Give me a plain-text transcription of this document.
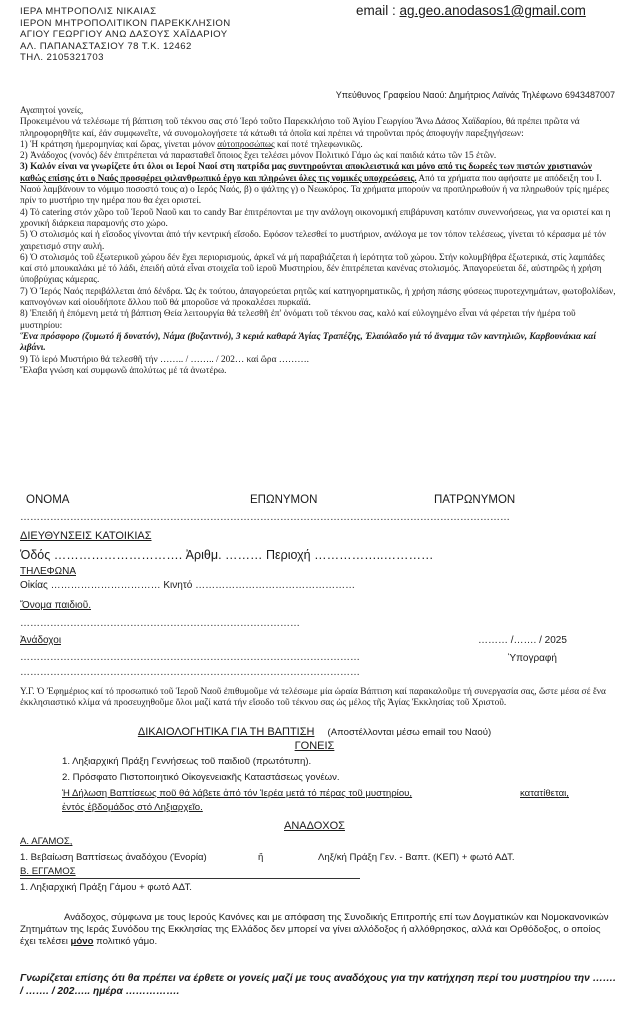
ΙΕΡΑ ΜΗΤΡΟΠΟΛΙΣ ΝΙΚΑΙΑΣ
ΙΕΡΟΝ ΜΗΤΡΟΠΟΛΙΤΙΚΟΝ ΠΑΡΕΚΚΛΗΣΙΟΝ
ΑΓΙΟΥ ΓΕΩΡΓΙΟΥ ΑΝΩ ΔΑΣΟΥΣ ΧΑΪΔΑΡΙΟΥ
ΑΛ. ΠΑΠΑΝΑΣΤΑΣΙΟΥ 78 Τ.Κ. 12462
ΤΗΛ. 2105321703
email : ag.geo.anodasos1@gmail.com
Υπεύθυνος Γραφείου Ναού: Δημήτριος Λαϊνάς Τηλέφωνο 6943487007

Αγαπητοί γονείς,

Προκειμένου νά τελέσωμε τή βάπτιση τοῦ τέκνου σας στό Ἱερό τοῦτο Παρεκκλήσιο τοῦ Ἁγίου Γεωργίου Ἄνω Δάσος Χαϊδαρίου, θά πρέπει πρῶτα νά πληροφορηθῆτε καί, ἐάν συμφωνεῖτε, νά συνομολογήσετε τά κάτωθι τά ὁποῖα καί πρέπει νά τηροῦνται πρός ἀποφυγήν παρεξηγήσεων:

1) Ἡ κράτηση ἡμερομηνίας καί ὥρας, γίνεται μόνον αὐτοπροσώπως καί ποτέ τηλεφωνικῶς.

2) Ἀνάδοχος (νονός) δέν ἐπιτρέπεται νά παρασταθεῖ ὅποιος ἔχει τελέσει μόνον Πολιτικό Γάμο ὡς καί παιδιά κάτω τῶν 15 ἐτῶν.

3) Καλόν είναι να γνωρίζετε ότι όλοι οι Ιεροί Ναοί στη πατρίδα μας συντηρούνται αποκλειστικά και μόνο από τις δωρεές των πιστών χριστιανών καθώς επίσης ότι ο Ναός προσφέρει φιλανθρωπικό έργο και πληρώνει όλες τις νομικές υποχρεώσεις. Από τα χρήματα που αφήσατε με απόδειξη του Ι. Ναού λαμβάνουν το νόμιμο ποσοστό τους α) ο Ιερός Ναός, β) ο ψάλτης γ) ο Νεωκόρος. Τα χρήματα μπορούν να προπληρωθούν ή να πληρωθούν τρίς ημέρες πρίν το μυστήριο την ημέρα που θα έχει οριστεί.

4) Τό catering στόν χῶρο τοῦ Ἱεροῦ Ναοῦ και το candy Bar ἐπιτρέπονται με την ανάλογη οικονομική επιβάρυνση κατόπιν συνεννοήσεως, για να οριστεί και η χρονική διάρκεια παραμονής στο χώρο.

5) Ὁ στολισμός καί ἡ εἴσοδος γίνονται ἀπό τήν κεντρική εἴσοδο. Εφόσον τελεσθεί το μυστήριον, ανάλογα με τον τόπον τελέσεως, γίνεται τό κέρασμα μέ τόν χαιρετισμό στην αυλή.

6) Ὁ στολισμός τοῦ ἐξωτερικοῦ χώρου δέν ἔχει περιορισμούς, ἀρκεῖ νά μή παραβιάζεται ἡ ἱερότητα τοῦ χώρου. Στήν κολυμβήθρα ἐξωτερικά, στίς λαμπάδες καί στό μπουκαλάκι μέ τό λάδι, ἐπειδή αὐτά εἶναι στοιχεῖα τοῦ ἱεροῦ Μυστηρίου, δέν ἐπιτρέπεται κανένας στολισμός. Ἀπαγορεύεται δέ, αὐστηρῶς ἡ χρήση ὑποβρύχιας κάμερας.

7) Ὁ Ἱερός Ναός περιβάλλεται ἀπό δένδρα. Ὡς ἐκ τούτου, ἀπαγορεύεται ρητῶς καί κατηγορηματικῶς, ἡ χρήση πάσης φύσεως πυροτεχνημάτων, φωτοβολίδων, καπνογόνων καί οἱουδήποτε ἄλλου ποῦ θά μποροῦσε νά προκαλέσει πυρκαϊά.

8) Ἐπειδή ἡ ἑπόμενη μετά τή βάπτιση Θεία λειτουργία θά τελεσθῆ ἐπ' ὀνόματι τοῦ τέκνου σας, καλό καί εὐλογημένο εἶναι νά φέρεται τήν ἡμέρα τοῦ μυστηρίου:

Ἕνα πρόσφορο (ζυμωτό ἤ δυνατόν), Νάμα (βυζαντινό), 3 κεριά καθαρά Ἁγίας Τραπέζης, Ἐλαιόλαδο γιά τό ἄναμμα τῶν καντηλιῶν, Καρβουνάκια καί λιβάνι.

9) Τό ἱερό Μυστήριο θά τελεσθῆ τήν …….. / …….. / 202… καί ὥρα ……….

Ἔλαβα γνώση καί συμφωνῶ ἀπολύτως μέ τά ἀνωτέρω.

ΟΝΟΜΑ	ΕΠΩΝΥΜΟΝ	ΠΑΤΡΩΝΥΜΟΝ
…………………………………………………………………………………………………………………………………
ΔΙΕΥΘΥΝΣΕΙΣ ΚΑΤΟΙΚΙΑΣ
Ὁδός …………………………. Ἀριθμ. ……… Περιοχή ……………..…………
ΤΗΛΕΦΩΝΑ
Οἰκίας …………………………… Κινητό …………………………………………
Ὄνομα παιδιοῦ.
…………………………………………………………………………
Ἀνάδοχοι
…………………………………………………………………………………………
…………………………………………………………………………………………
……… /……. / 2025
Ὑπογραφή
Υ.Γ. Ὁ Ἐφημέριος καί τό προσωπικό τοῦ Ἱεροῦ Ναοῦ ἐπιθυμοῦμε νά τελέσωμε μία ὡραία Βάπτιση καί παρακαλοῦμε τή συνεργασία σας, ὥστε μέσα σέ ἕνα ἐκκλησιαστικό κλίμα νά προσευχηθοῦμε ὅλοι μαζί κατά τήν εἴσοδο τοῦ τέκνου σας ὡς μέλος τῆς Ἁγίας Ἐκκλησίας τοῦ Χριστοῦ.
ΔΙΚΑΙΟΛΟΓΗΤΙΚΑ ΓΙΑ ΤΗ ΒΑΠΤΙΣΗ (Αποστέλλονται μέσω email του Ναού)
ΓΟΝΕΙΣ
1. Ληξιαρχική Πράξη Γεννήσεως τοῦ παιδιοῦ (πρωτότυπη).
2. Πρόσφατο Πιστοποιητικό Οἰκογενειακῆς Καταστάσεως γονέων.
Ἡ Δήλωση Βαπτίσεως ποῦ θά λάβετε ἀπό τόν Ἱερέα μετά τό πέρας τοῦ μυστηρίου,	κατατίθεται,
ἐντός ἑβδομάδος στό Ληξιαρχεῖο.
ΑΝΑΔΟΧΟΣ
Α. ΑΓΑΜΟΣ,
1. Βεβαίωση Βαπτίσεως ἀναδόχου (Ἐνορία)	ἤ	Ληξ/κή Πράξη Γεν. - Βαπτ. (ΚΕΠ) + φωτό ΑΔΤ.
Β. ΕΓΓΑΜΟΣ
1. Ληξιαρχική Πράξη Γάμου + φωτό ΑΔΤ.
Ανάδοχος, σύμφωνα με τους Ιερούς Κανόνες και με απόφαση της Συνοδικής Επιτροπής επί των Δογματικών και Νομοκανονικών Ζητημάτων της Ιεράς Συνόδου της Εκκλησίας της Ελλάδος δεν μπορεί να γίνει αλλόδοξος ή αλλόθρησκος, αλλά και Ορθόδοξος, ο οποίος έχει τελέσει μόνο πολιτικό γάμο.
Γνωρίζεται επίσης ότι θα πρέπει να έρθετε οι γονείς μαζί με τους αναδόχους για την κατήχηση περί του μυστηρίου την ……. / ……. / 202….. ημέρα …………….
